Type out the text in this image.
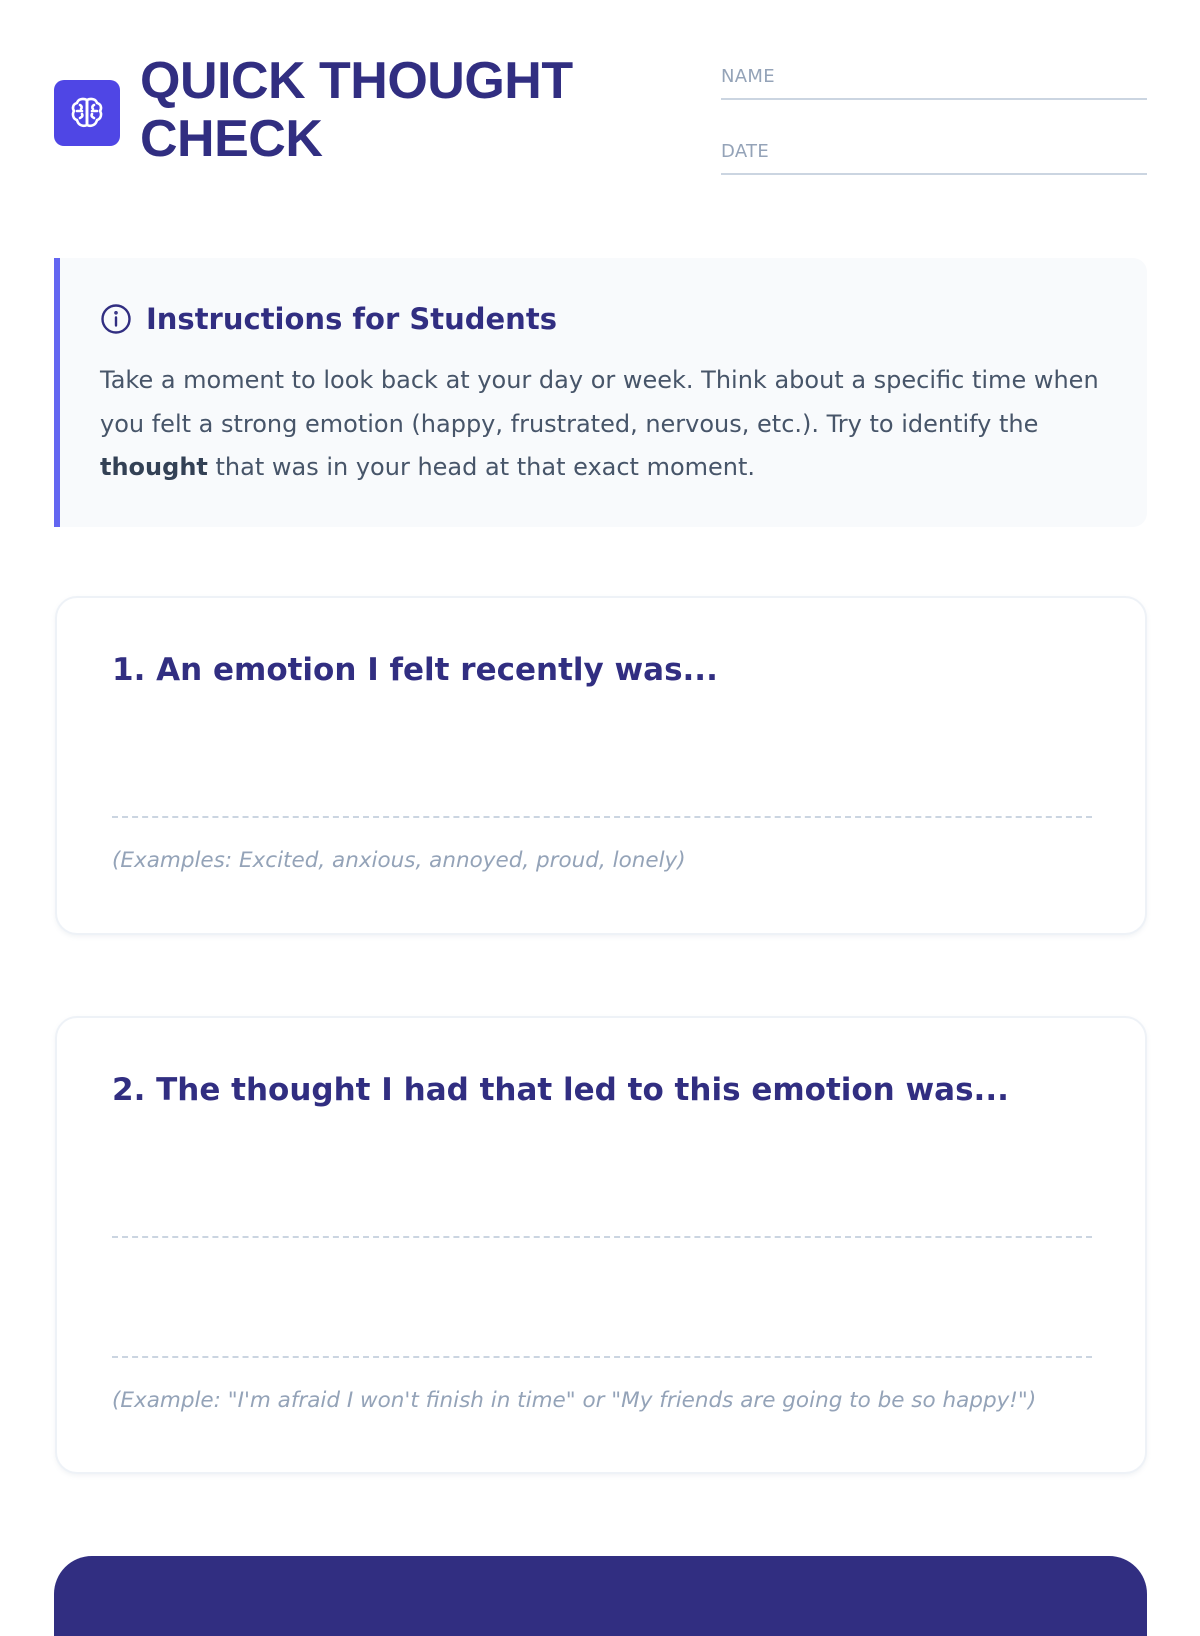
QUICK THOUGHT
CHECK
NAME
DATE
Instructions for Students

Take a moment to look back at your day or week. Think about a specific time when you felt a strong emotion (happy, frustrated, nervous, etc.). Try to identify the thought that was in your head at that exact moment.

1. An emotion I felt recently was...

(Examples: Excited, anxious, annoyed, proud, lonely)

2. The thought I had that led to this emotion was...

(Example: "I'm afraid I won't finish in time" or "My friends are going to be so happy!")
